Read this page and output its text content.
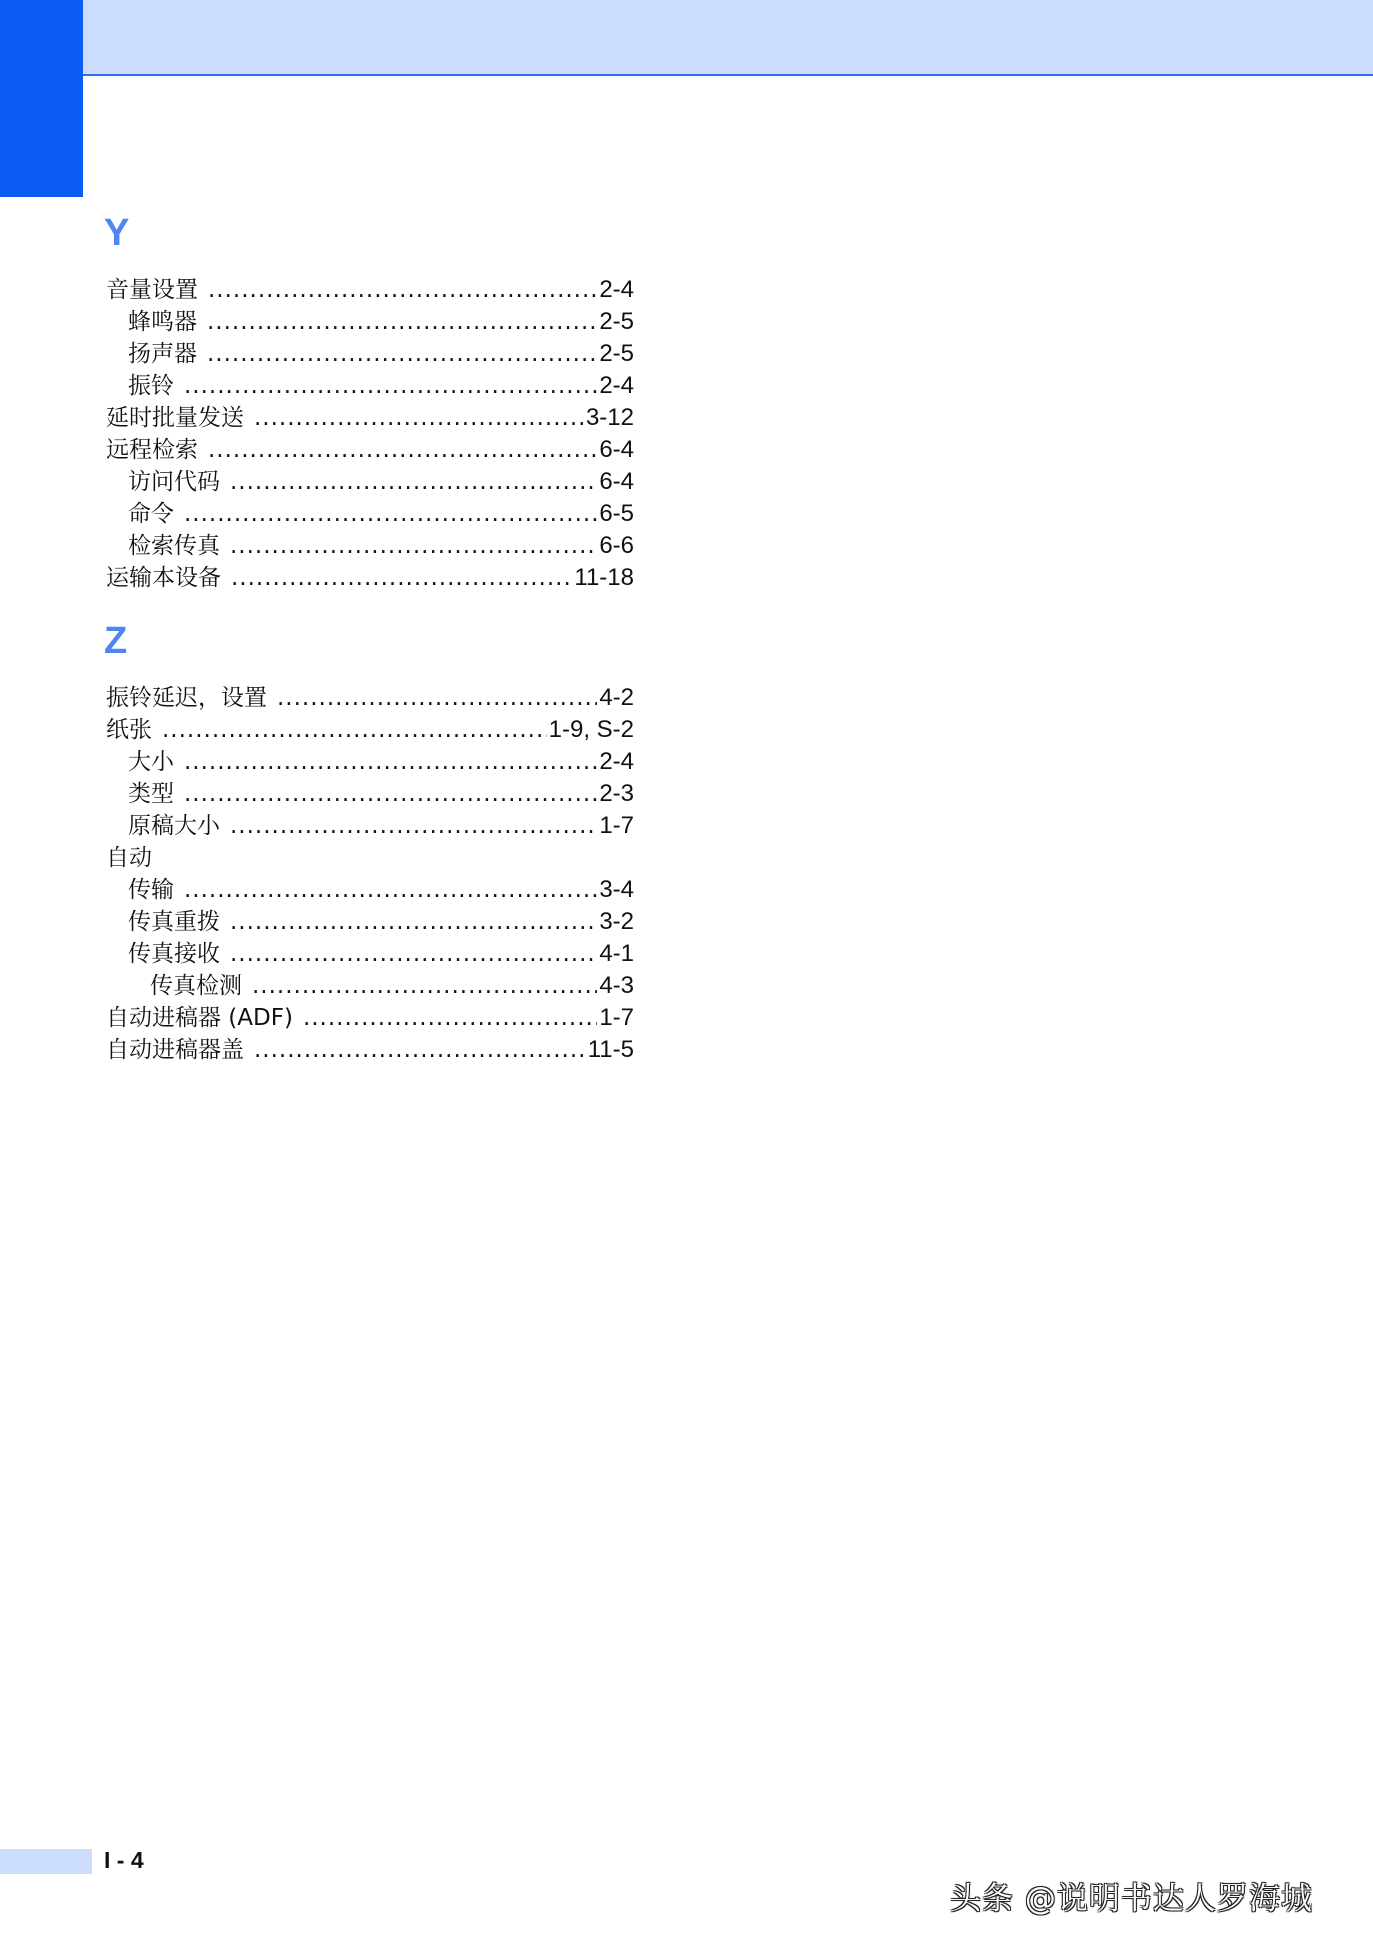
Y
音量设置 .....	2-4
蜂鸣器 .....	2-5
扬声器 .....	2-5
振铃 .....	2-4
延时批量发送 .....	3-12
远程检索 .....	6-4
访问代码 .....	6-4
命令 .....	6-5
检索传真 .....	6-6
运输本设备 .....	11-18
Z
振铃延迟，设置 .....	4-2
纸张 .....	1-9, S-2
大小 .....	2-4
类型 .....	2-3
原稿大小 .....	1-7
自动
传输 .....	3-4
传真重拨 .....	3-2
传真接收 .....	4-1
传真检测 .....	4-3
自动进稿器 (ADF) .....	1-7
自动进稿器盖 .....	11-5
I - 4
头条 @说明书达人罗海城
